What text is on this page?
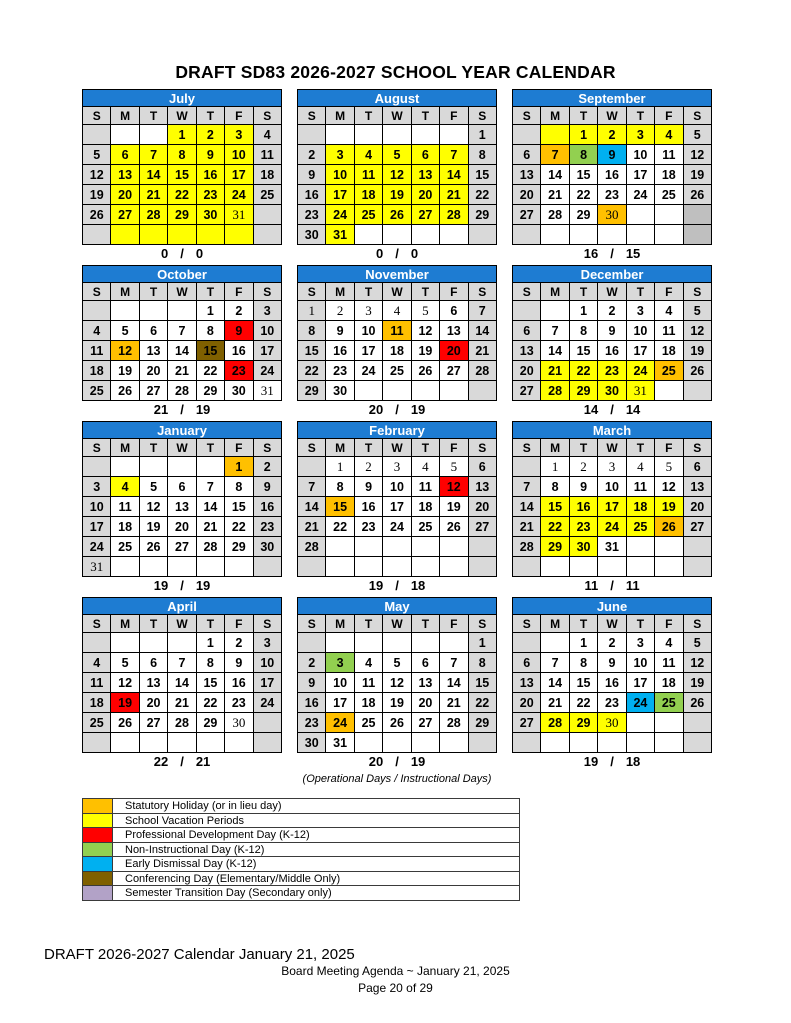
DRAFT SD83 2026-2027 SCHOOL YEAR CALENDAR
July						
S	M	T	W	T	F	S
			1	2	3	4
5	6	7	8	9	10	11
12	13	14	15	16	17	18
19	20	21	22	23	24	25
26	27	28	29	30	31	

0 / 0
August						
S	M	T	W	T	F	S
						1
2	3	4	5	6	7	8
9	10	11	12	13	14	15
16	17	18	19	20	21	22
23	24	25	26	27	28	29
30	31					
0 / 0
September						
S	M	T	W	T	F	S
		1	2	3	4	5
6	7	8	9	10	11	12
13	14	15	16	17	18	19
20	21	22	23	24	25	26
27	28	29	30			

16 / 15
October						
S	M	T	W	T	F	S
				1	2	3
4	5	6	7	8	9	10
11	12	13	14	15	16	17
18	19	20	21	22	23	24
25	26	27	28	29	30	31
21 / 19
November						
S	M	T	W	T	F	S
1	2	3	4	5	6	7
8	9	10	11	12	13	14
15	16	17	18	19	20	21
22	23	24	25	26	27	28
29	30					
20 / 19
December						
S	M	T	W	T	F	S
		1	2	3	4	5
6	7	8	9	10	11	12
13	14	15	16	17	18	19
20	21	22	23	24	25	26
27	28	29	30	31		
14 / 14
January						
S	M	T	W	T	F	S
					1	2
3	4	5	6	7	8	9
10	11	12	13	14	15	16
17	18	19	20	21	22	23
24	25	26	27	28	29	30
31						
19 / 19
February						
S	M	T	W	T	F	S
	1	2	3	4	5	6
7	8	9	10	11	12	13
14	15	16	17	18	19	20
21	22	23	24	25	26	27
28						

19 / 18
March						
S	M	T	W	T	F	S
	1	2	3	4	5	6
7	8	9	10	11	12	13
14	15	16	17	18	19	20
21	22	23	24	25	26	27
28	29	30	31			

11 / 11
April						
S	M	T	W	T	F	S
				1	2	3
4	5	6	7	8	9	10
11	12	13	14	15	16	17
18	19	20	21	22	23	24
25	26	27	28	29	30	

22 / 21
May						
S	M	T	W	T	F	S
						1
2	3	4	5	6	7	8
9	10	11	12	13	14	15
16	17	18	19	20	21	22
23	24	25	26	27	28	29
30	31					
20 / 19
June						
S	M	T	W	T	F	S
		1	2	3	4	5
6	7	8	9	10	11	12
13	14	15	16	17	18	19
20	21	22	23	24	25	26
27	28	29	30			

19 / 18
(Operational Days / Instructional Days)
Statutory Holiday (or in lieu day)
School Vacation Periods
Professional Development Day (K-12)
Non-Instructional Day (K-12)
Early Dismissal Day (K-12)
Conferencing Day (Elementary/Middle Only)
Semester Transition Day (Secondary only)
DRAFT 2026-2027 Calendar January 21, 2025
Board Meeting Agenda ~ January 21, 2025
Page 20 of 29
